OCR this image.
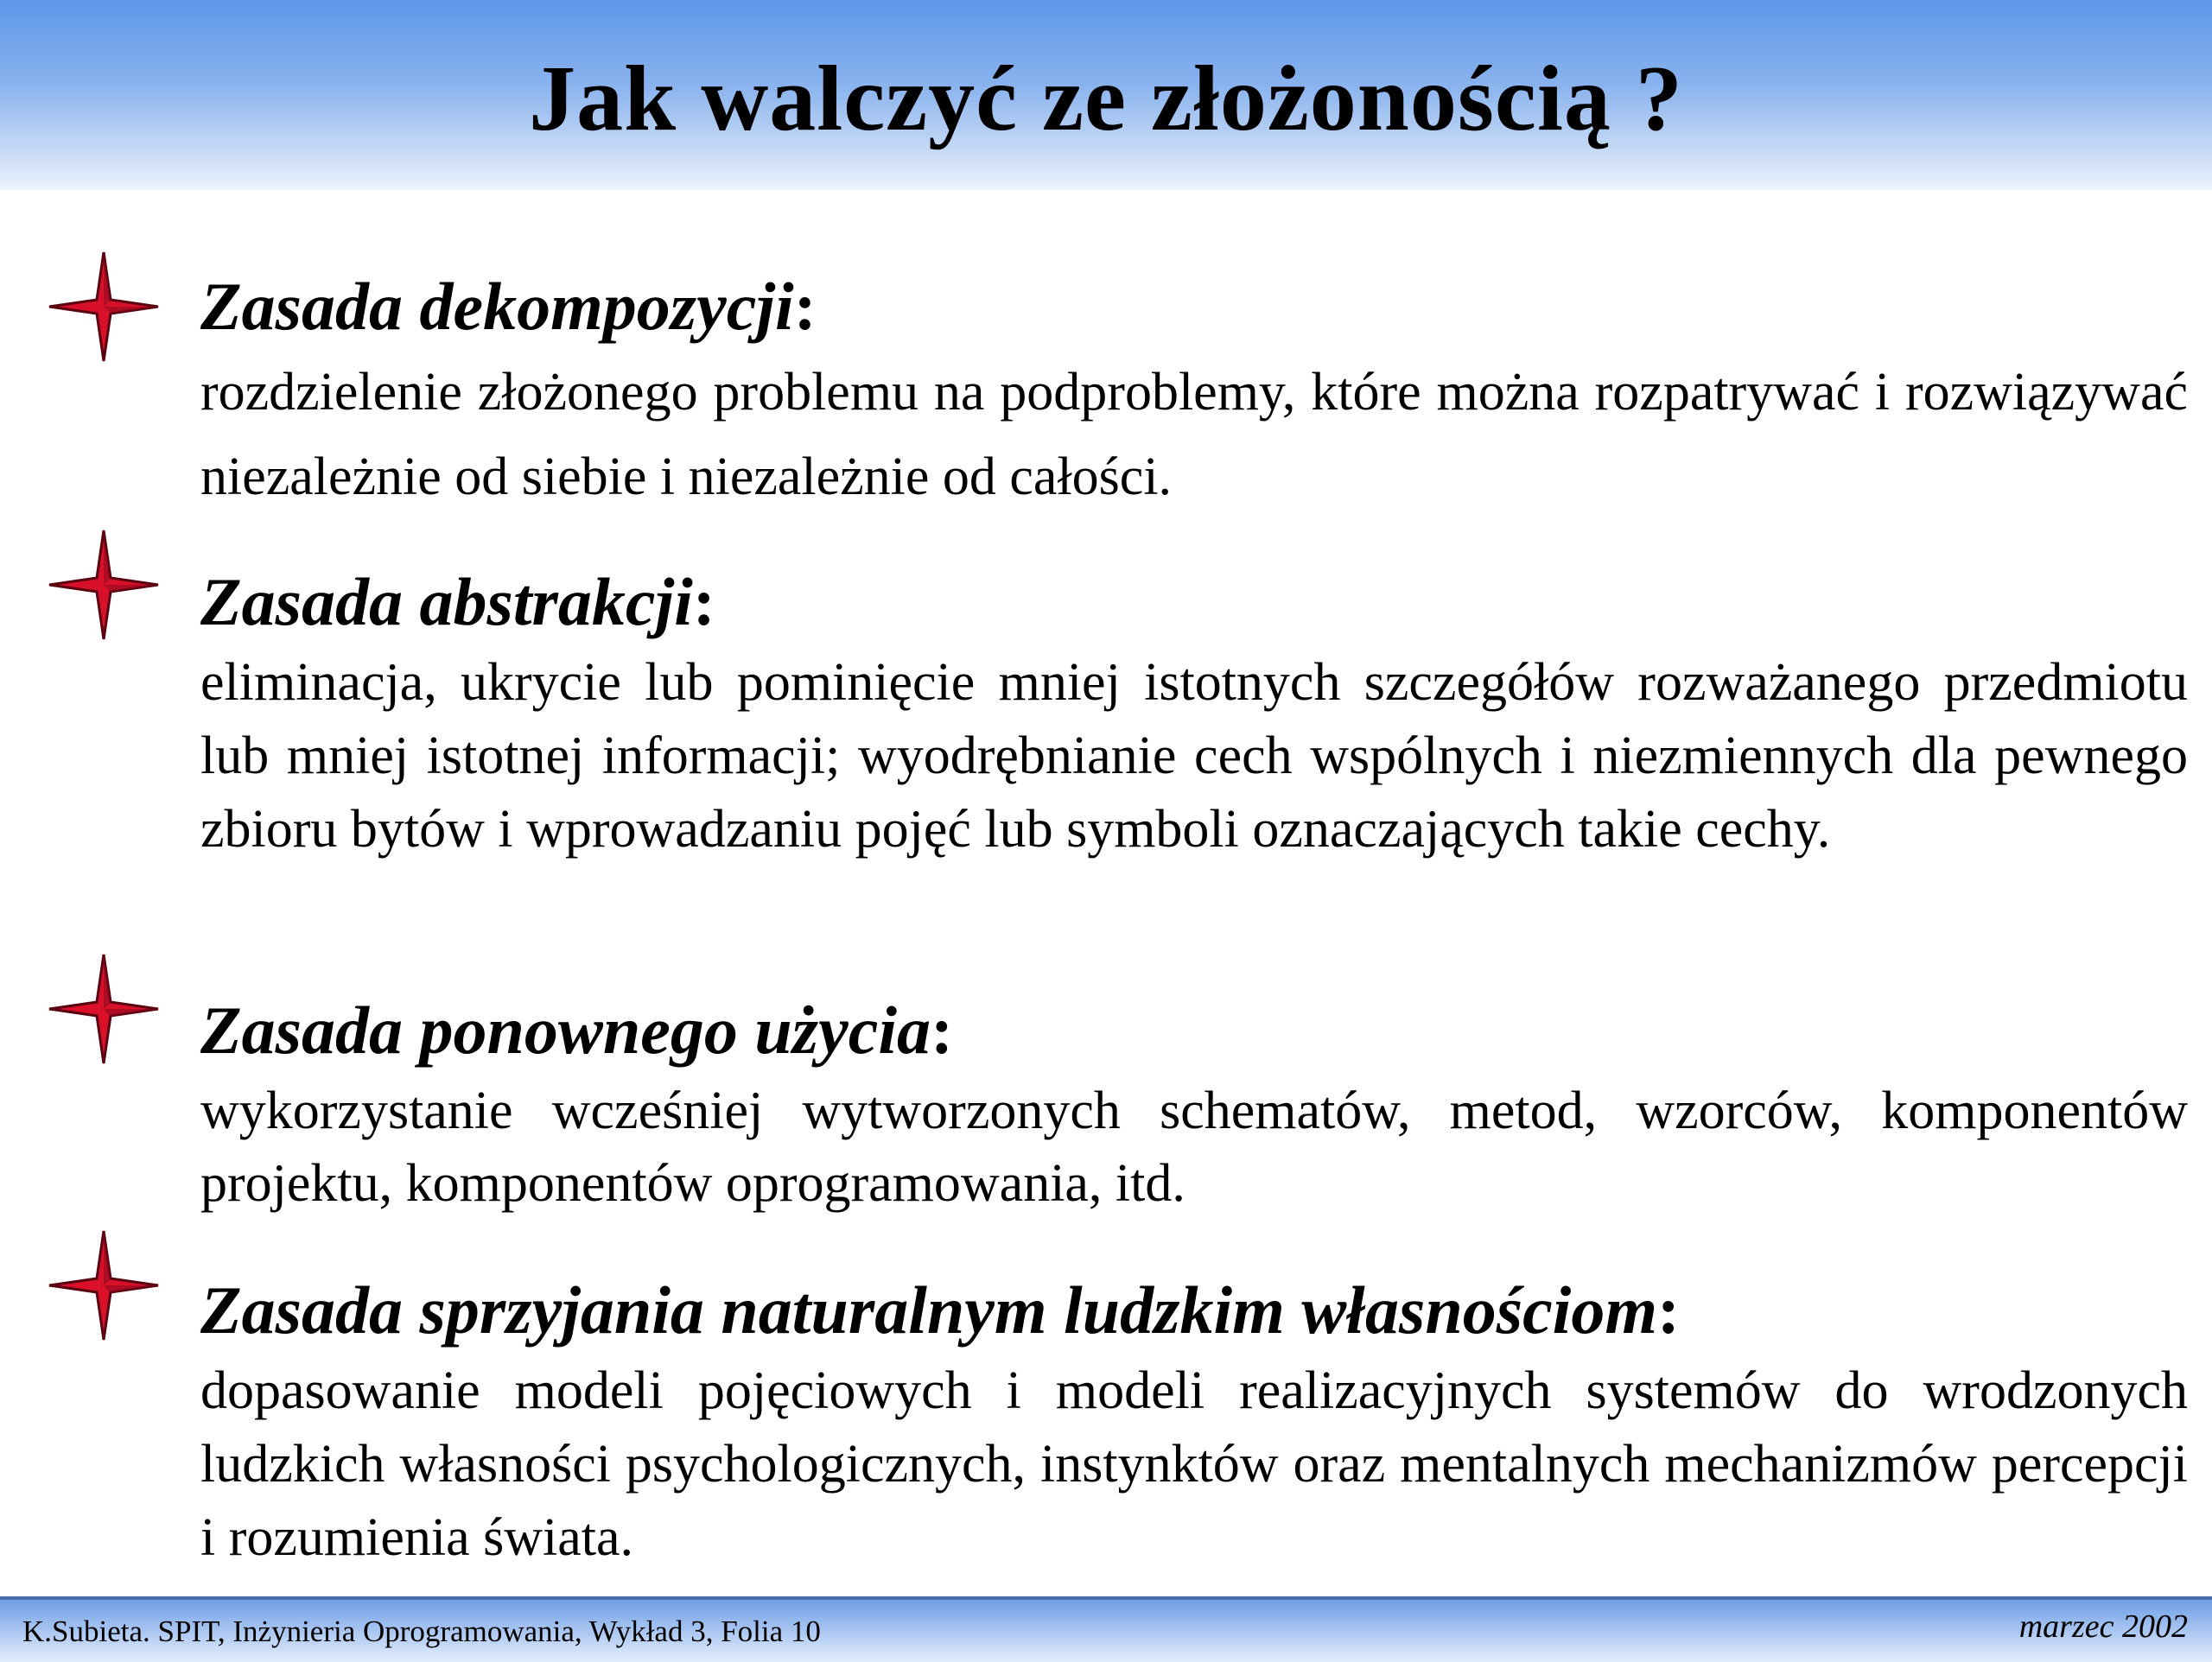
Jak walczyć ze złożonością ?
Zasada dekompozycji:

rozdzielenie złożonego problemu na podproblemy, które można rozpatrywać i rozwiązywać niezależnie od siebie i niezależnie od całości.

Zasada abstrakcji:

eliminacja, ukrycie lub pominięcie mniej istotnych szczegółów rozważanego przedmiotu lub mniej istotnej informacji; wyodrębnianie cech wspólnych i niezmiennych dla pewnego zbioru bytów i wprowadzaniu pojęć lub symboli oznaczających takie cechy.

Zasada ponownego użycia:

wykorzystanie wcześniej wytworzonych schematów, metod, wzorców, komponentów projektu, komponentów oprogramowania, itd.

Zasada sprzyjania naturalnym ludzkim własnościom:

dopasowanie modeli pojęciowych i modeli realizacyjnych systemów do wrodzonych ludzkich własności psychologicznych, instynktów oraz mentalnych mechanizmów percepcji i rozumienia świata.

K.Subieta. SPIT, Inżynieria Oprogramowania, Wykład 3, Folia 10	marzec 2002
